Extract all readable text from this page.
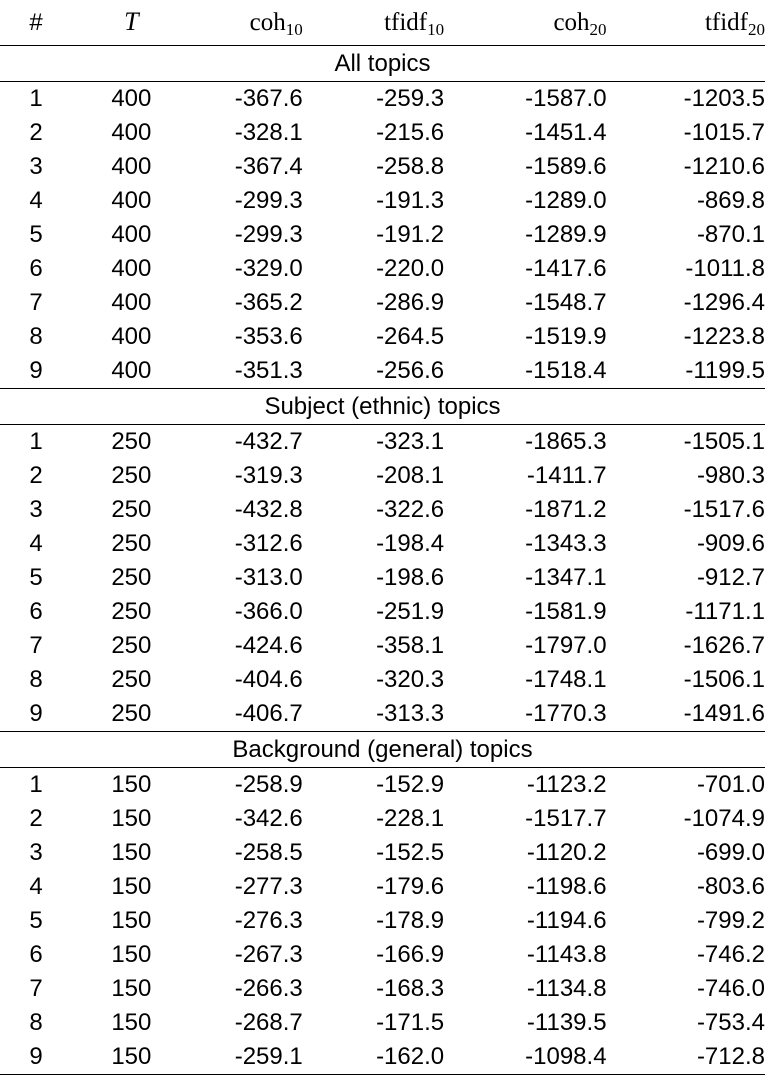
#	T	coh$_{10}$	tfidf$_{10}$	coh$_{20}$	tfidf$_{20}$
All topics					
1	400	-367.6	-259.3	-1587.0	-1203.5
2	400	-328.1	-215.6	-1451.4	-1015.7
3	400	-367.4	-258.8	-1589.6	-1210.6
4	400	-299.3	-191.3	-1289.0	-869.8
5	400	-299.3	-191.2	-1289.9	-870.1
6	400	-329.0	-220.0	-1417.6	-1011.8
7	400	-365.2	-286.9	-1548.7	-1296.4
8	400	-353.6	-264.5	-1519.9	-1223.8
9	400	-351.3	-256.6	-1518.4	-1199.5
Subject (ethnic) topics					
1	250	-432.7	-323.1	-1865.3	-1505.1
2	250	-319.3	-208.1	-1411.7	-980.3
3	250	-432.8	-322.6	-1871.2	-1517.6
4	250	-312.6	-198.4	-1343.3	-909.6
5	250	-313.0	-198.6	-1347.1	-912.7
6	250	-366.0	-251.9	-1581.9	-1171.1
7	250	-424.6	-358.1	-1797.0	-1626.7
8	250	-404.6	-320.3	-1748.1	-1506.1
9	250	-406.7	-313.3	-1770.3	-1491.6
Background (general) topics					
1	150	-258.9	-152.9	-1123.2	-701.0
2	150	-342.6	-228.1	-1517.7	-1074.9
3	150	-258.5	-152.5	-1120.2	-699.0
4	150	-277.3	-179.6	-1198.6	-803.6
5	150	-276.3	-178.9	-1194.6	-799.2
6	150	-267.3	-166.9	-1143.8	-746.2
7	150	-266.3	-168.3	-1134.8	-746.0
8	150	-268.7	-171.5	-1139.5	-753.4
9	150	-259.1	-162.0	-1098.4	-712.8
